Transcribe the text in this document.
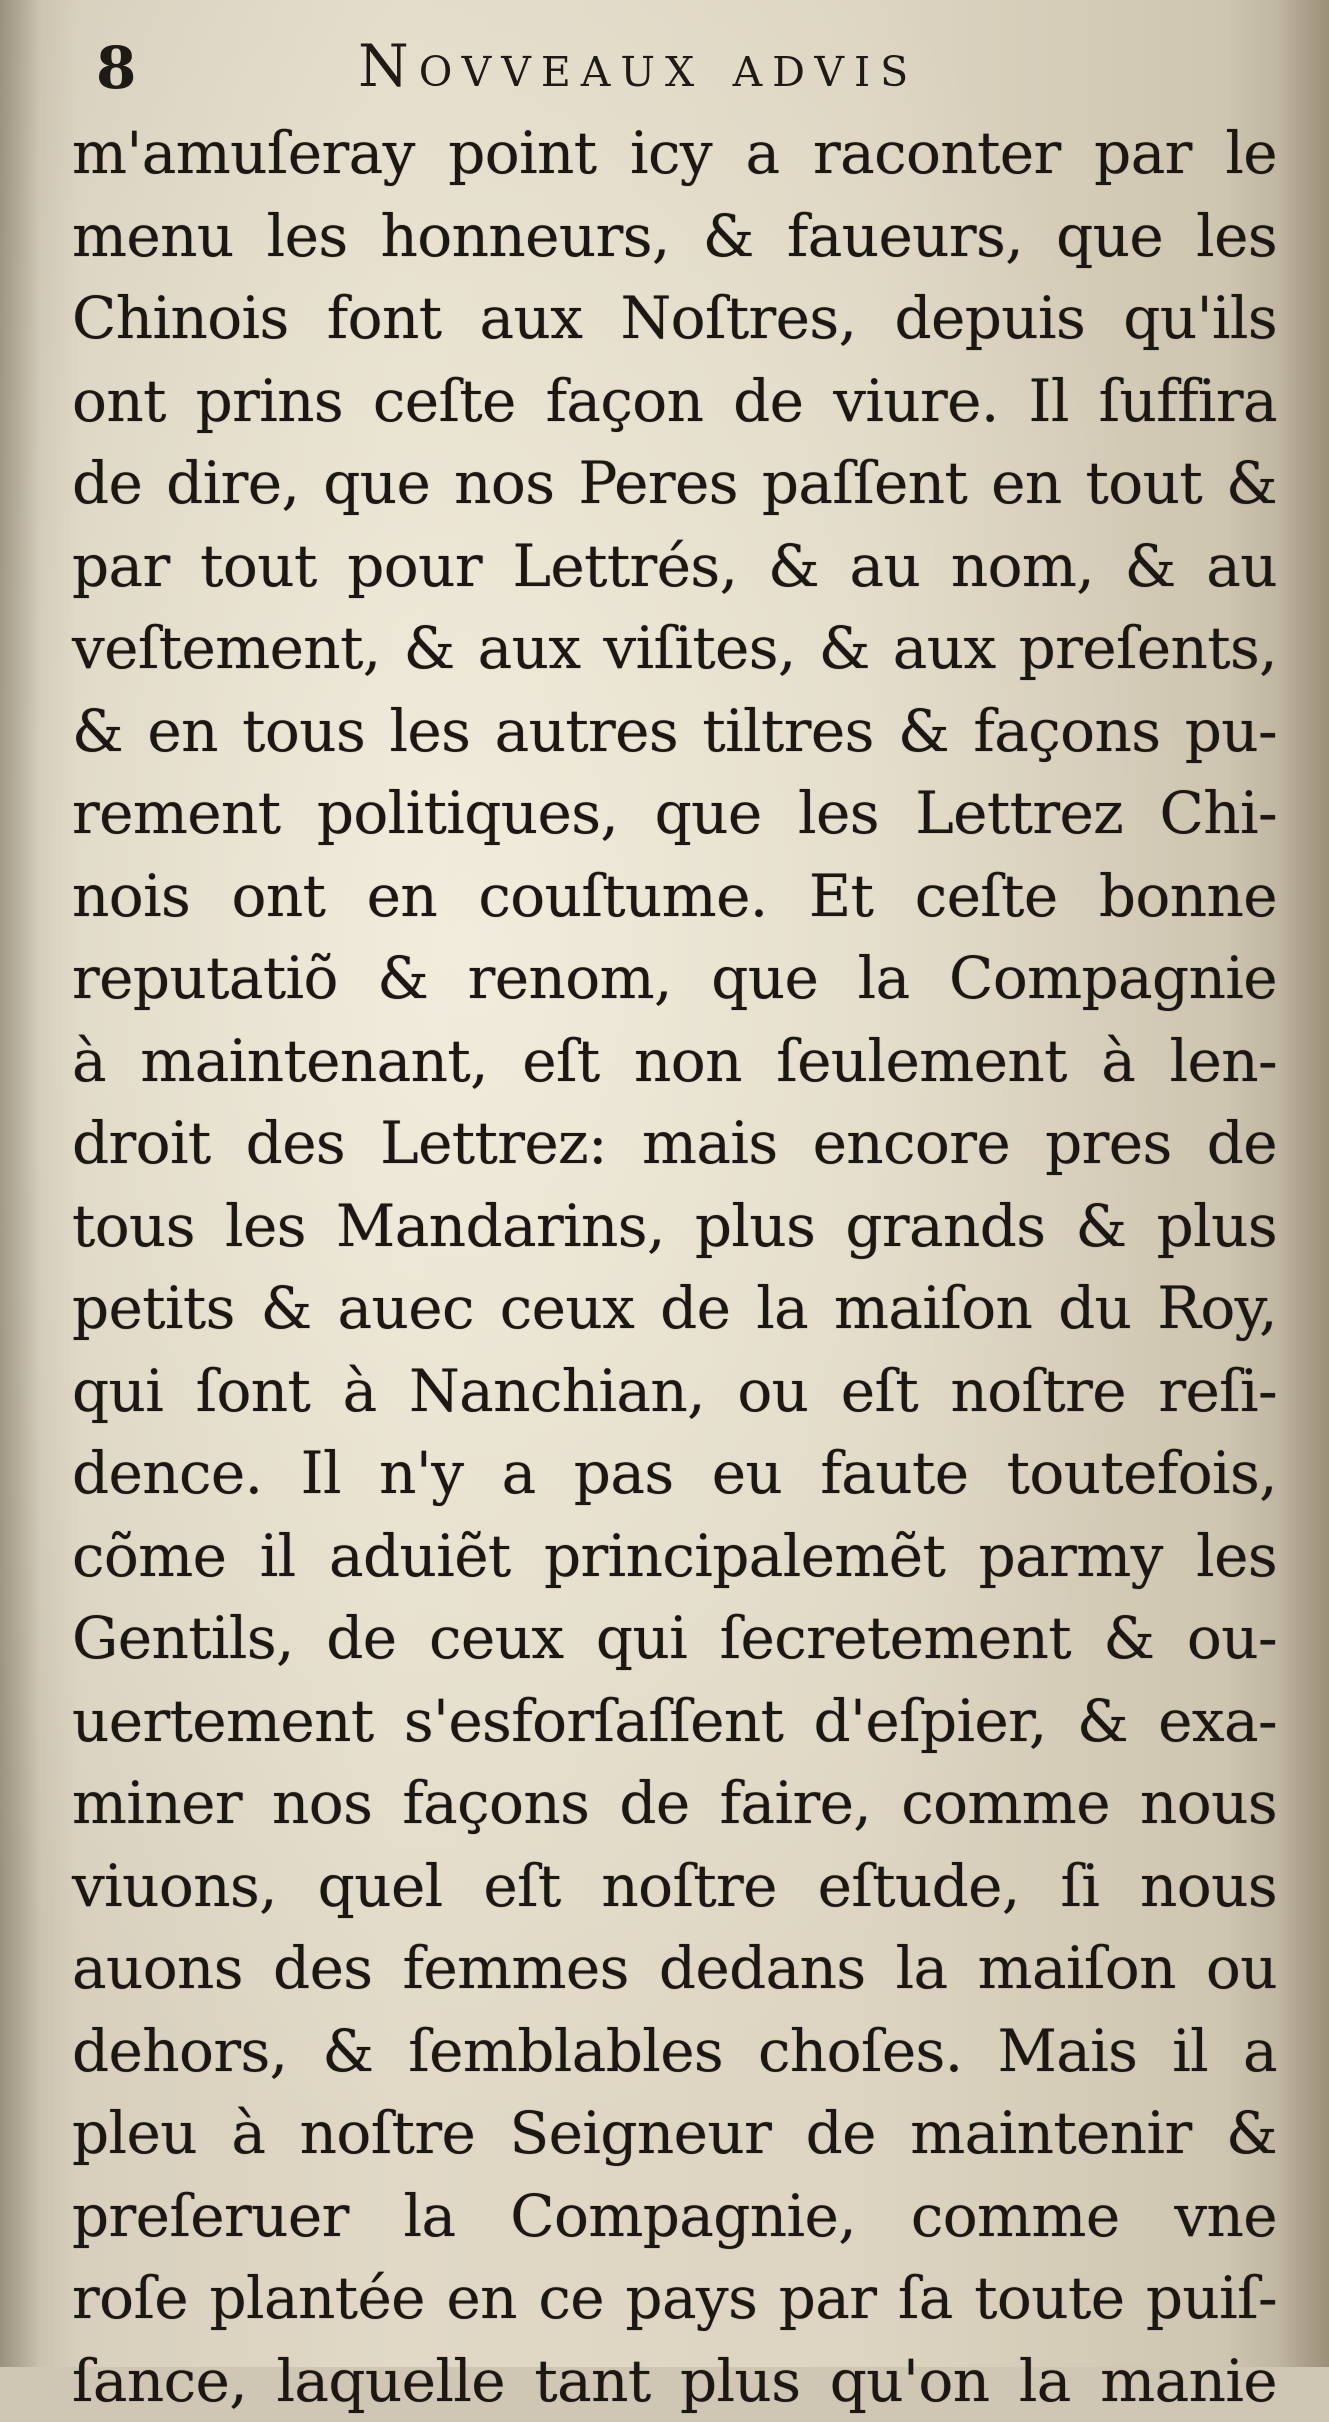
8	Novveaux advis
m'amuſeray point icy a raconter par le
menu les honneurs, & faueurs, que les
Chinois font aux Noſtres, depuis qu'ils
ont prins ceſte façon de viure. Il ſuffira
de dire, que nos Peres paſſent en tout &
par tout pour Lettrés, & au nom, & au
veſtement, & aux viſites, & aux preſents,
& en tous les autres tiltres & façons pu-
rement politiques, que les Lettrez Chi-
nois ont en couſtume. Et ceſte bonne
reputatiõ & renom, que la Compagnie
à maintenant, eſt non ſeulement à len-
droit des Lettrez: mais encore pres de
tous les Mandarins, plus grands & plus
petits & auec ceux de la maiſon du Roy,
qui ſont à Nanchian, ou eſt noſtre reſi-
dence. Il n'y a pas eu faute toutefois,
cõme il aduiẽt principalemẽt parmy les
Gentils, de ceux qui ſecretement & ou-
uertement s'esforſaſſent d'eſpier, & exa-
miner nos façons de faire, comme nous
viuons, quel eſt noſtre eſtude, ſi nous
auons des femmes dedans la maiſon ou
dehors, & ſemblables choſes. Mais il a
pleu à noſtre Seigneur de maintenir &
preſeruer la Compagnie, comme vne
roſe plantée en ce pays par ſa toute puiſ-
ſance, laquelle tant plus qu'on la manie
